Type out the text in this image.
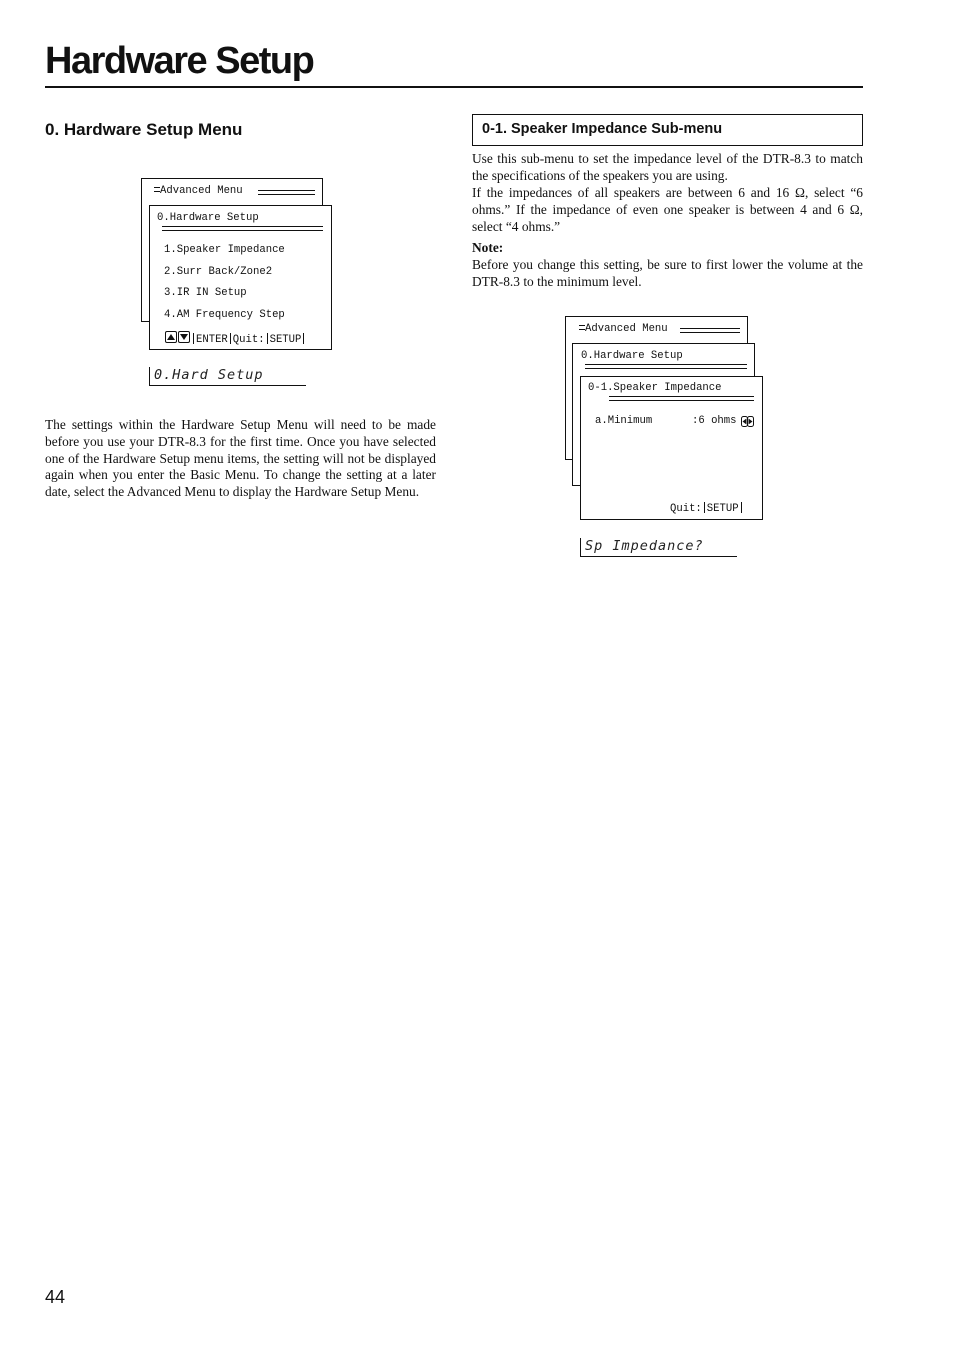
Hardware Setup
0. Hardware Setup Menu
Advanced Menu
0.Hardware Setup
1.Speaker Impedance
2.Surr Back/Zone2
3.IR IN Setup
4.AM Frequency Step
ENTER Quit: SETUP
0.Hard Setup
The settings within the Hardware Setup Menu will need to be made before you use your DTR-8.3 for the first time. Once you have selected one of the Hardware Setup menu items, the setting will not be displayed again when you enter the Basic Menu. To change the setting at a later date, select the Advanced Menu to display the Hardware Setup Menu.
0-1. Speaker Impedance Sub-menu
Use this sub-menu to set the impedance level of the DTR-8.3 to match the specifications of the speakers you are using.
If the impedances of all speakers are between 6 and 16 Ω, select “6 ohms.” If the impedance of even one speaker is between 4 and 6 Ω, select “4 ohms.”
Note:
Before you change this setting, be sure to first lower the volume at the DTR-8.3 to the minimum level.
Advanced Menu
0.Hardware Setup
0-1.Speaker Impedance
a.Minimum	:6 ohms
Quit: SETUP
Sp Impedance?
44
